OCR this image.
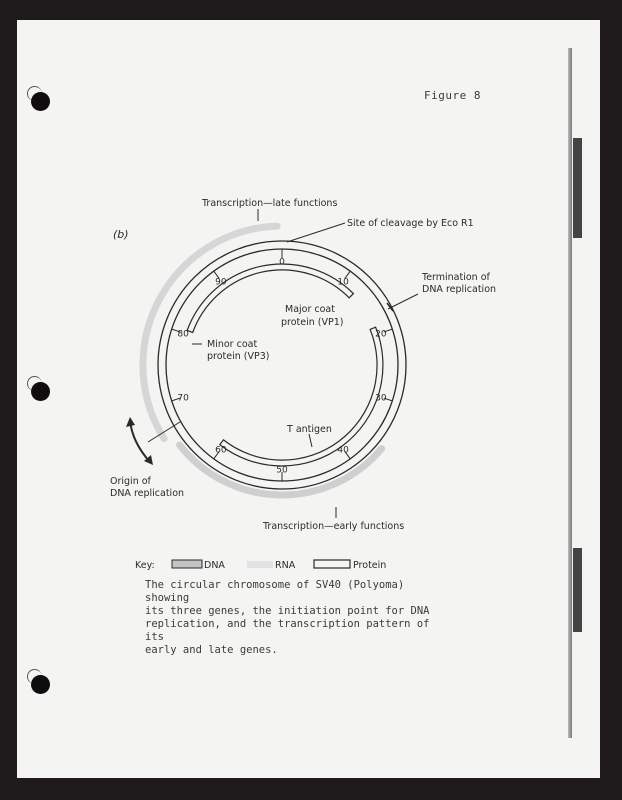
Figure 8
0
10
20
30
40
50
60
70
80
90
(b)
Transcription—late functions
Site of cleavage by Eco R1
Termination of
DNA replication
Major coat
protein (VP1)
Minor coat
protein (VP3)
T antigen
Origin of
DNA replication
Transcription—early functions
Key:	DNA	RNA	Protein
The circular chromosome of SV40 (Polyoma) showing
its three genes, the initiation point for DNA
replication, and the transcription pattern of its
early and late genes.
